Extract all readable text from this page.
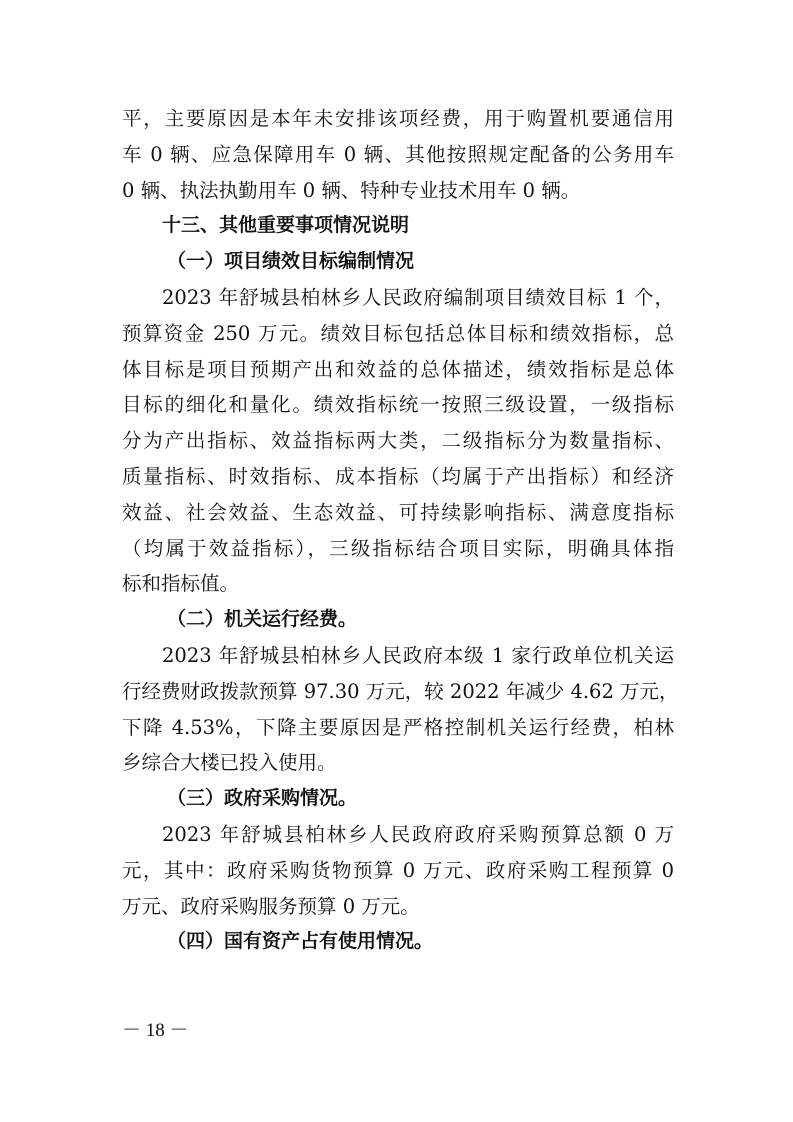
平，主要原因是本年未安排该项经费，用于购置机要通信用
车 0 辆、应急保障用车 0 辆、其他按照规定配备的公务用车
0 辆、执法执勤用车 0 辆、特种专业技术用车 0 辆。
十三、其他重要事项情况说明
（一）项目绩效目标编制情况
2023 年舒城县柏林乡人民政府编制项目绩效目标 1 个，
预算资金 250 万元。绩效目标包括总体目标和绩效指标，总
体目标是项目预期产出和效益的总体描述，绩效指标是总体
目标的细化和量化。绩效指标统一按照三级设置，一级指标
分为产出指标、效益指标两大类，二级指标分为数量指标、
质量指标、时效指标、成本指标（均属于产出指标）和经济
效益、社会效益、生态效益、可持续影响指标、满意度指标
（均属于效益指标），三级指标结合项目实际，明确具体指
标和指标值。
（二）机关运行经费。
2023 年舒城县柏林乡人民政府本级 1 家行政单位机关运
行经费财政拨款预算 97.30 万元，较 2022 年减少 4.62 万元，
下降 4.53%，下降主要原因是严格控制机关运行经费，柏林
乡综合大楼已投入使用。
（三）政府采购情况。
2023 年舒城县柏林乡人民政府政府采购预算总额 0 万
元，其中：政府采购货物预算 0 万元、政府采购工程预算 0
万元、政府采购服务预算 0 万元。
（四）国有资产占有使用情况。
－ 18 －
